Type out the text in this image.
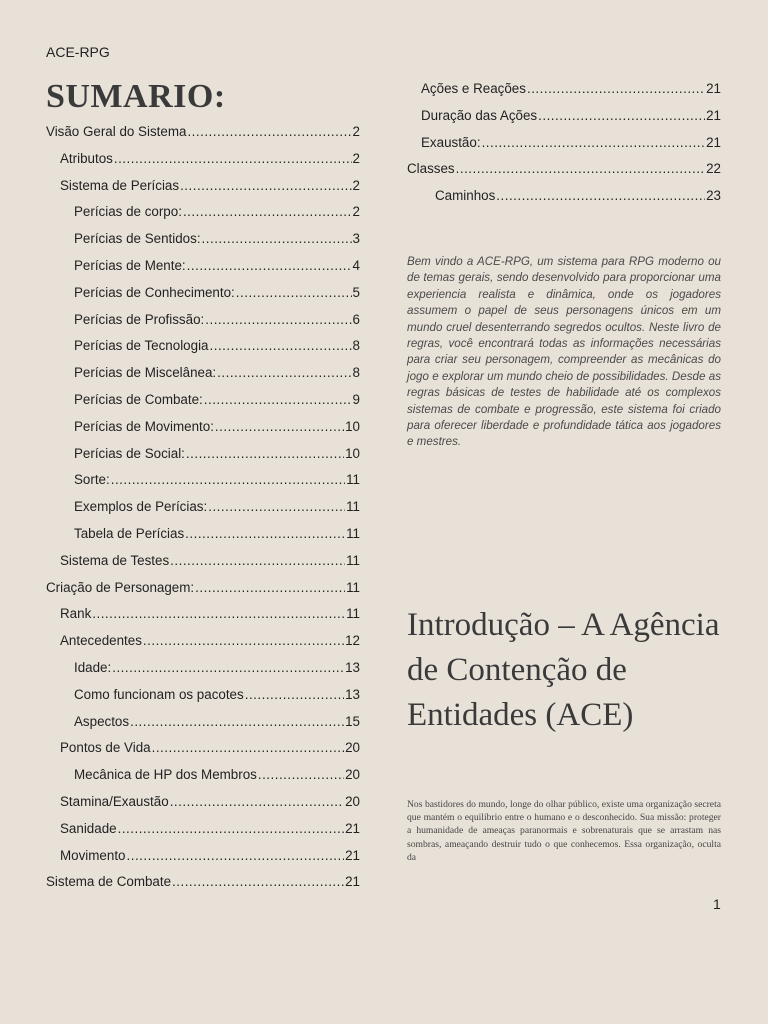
ACE-RPG
SUMARIO:
Visão Geral do Sistema .....	2
Atributos .....	2
Sistema de Perícias .....	2
Perícias de corpo: .....	2
Perícias de Sentidos: .....	3
Perícias de Mente: .....	4
Perícias de Conhecimento: .....	5
Perícias de Profissão: .....	6
Perícias de Tecnologia .....	8
Perícias de Miscelânea: .....	8
Perícias de Combate: .....	9
Perícias de Movimento: .....	10
Perícias de Social: .....	10
Sorte: .....	11
Exemplos de Perícias: .....	11
Tabela de Perícias .....	11
Sistema de Testes .....	11
Criação de Personagem: .....	11
Rank .....	11
Antecedentes .....	12
Idade: .....	13
Como funcionam os pacotes .....	13
Aspectos .....	15
Pontos de Vida .....	20
Mecânica de HP dos Membros .....	20
Stamina/Exaustão .....	20
Sanidade .....	21
Movimento .....	21
Sistema de Combate .....	21
Ações e Reações .....	21
Duração das Ações .....	21
Exaustão: .....	21
Classes .....	22
Caminhos .....	23

Bem vindo a ACE-RPG, um sistema para RPG moderno ou de temas gerais, sendo desenvolvido para proporcionar uma experiencia realista e dinâmica, onde os jogadores assumem o papel de seus personagens únicos em um mundo cruel desenterrando segredos ocultos. Neste livro de regras, você encontrará todas as informações necessárias para criar seu personagem, compreender as mecânicas do jogo e explorar um mundo cheio de possibilidades. Desde as regras básicas de testes de habilidade até os complexos sistemas de combate e progressão, este sistema foi criado para oferecer liberdade e profundidade tática aos jogadores e mestres.

Introdução – A Agência de Contenção de Entidades (ACE)

Nos bastidores do mundo, longe do olhar público, existe uma organização secreta que mantém o equilíbrio entre o humano e o desconhecido. Sua missão: proteger a humanidade de ameaças paranormais e sobrenaturais que se arrastam nas sombras, ameaçando destruir tudo o que conhecemos. Essa organização, oculta da

1
